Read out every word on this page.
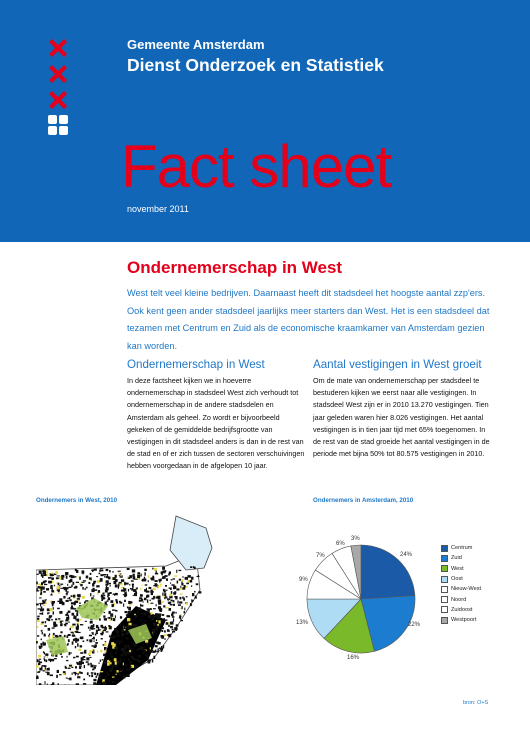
Gemeente Amsterdam
Dienst Onderzoek en Statistiek
Fact sheet
november 2011
Ondernemerschap in West
West telt veel kleine bedrijven. Daarnaast heeft dit stadsdeel het hoogste aantal zzp'ers. Ook kent geen ander stadsdeel jaarlijks meer starters dan West. Het is een stadsdeel dat tezamen met Centrum en Zuid als de economische kraamkamer van Amsterdam gezien kan worden.
Ondernemerschap in West

In deze factsheet kijken we in hoeverre ondernemerschap in stadsdeel West zich verhoudt tot ondernemerschap in de andere stadsdelen en Amsterdam als geheel. Zo wordt er bijvoorbeeld gekeken of de gemiddelde bedrijfsgrootte van vestigingen in dit stadsdeel anders is dan in de rest van de stad en of er zich tussen de sectoren verschuivingen hebben voorgedaan in de afgelopen 10 jaar.

Aantal vestigingen in West groeit

Om de mate van ondernemerschap per stadsdeel te bestuderen kijken we eerst naar alle vestigingen. In stadsdeel West zijn er in 2010 13.270 vestigingen. Tien jaar geleden waren hier 8.026 vestigingen. Het aantal vestigingen is in tien jaar tijd met 65% toegenomen. In de rest van de stad groeide het aantal vestigingen in de periode met bijna 50% tot 80.575 vestigingen in 2010.

Ondernemers in West, 2010	Ondernemers in Amsterdam, 2010
24%
22%
16%
13%
9%
7%
6%
3%
Centrum
Zuid
West
Oost
Nieuw-West
Noord
Zuidoost
Westpoort
bron: O+S
